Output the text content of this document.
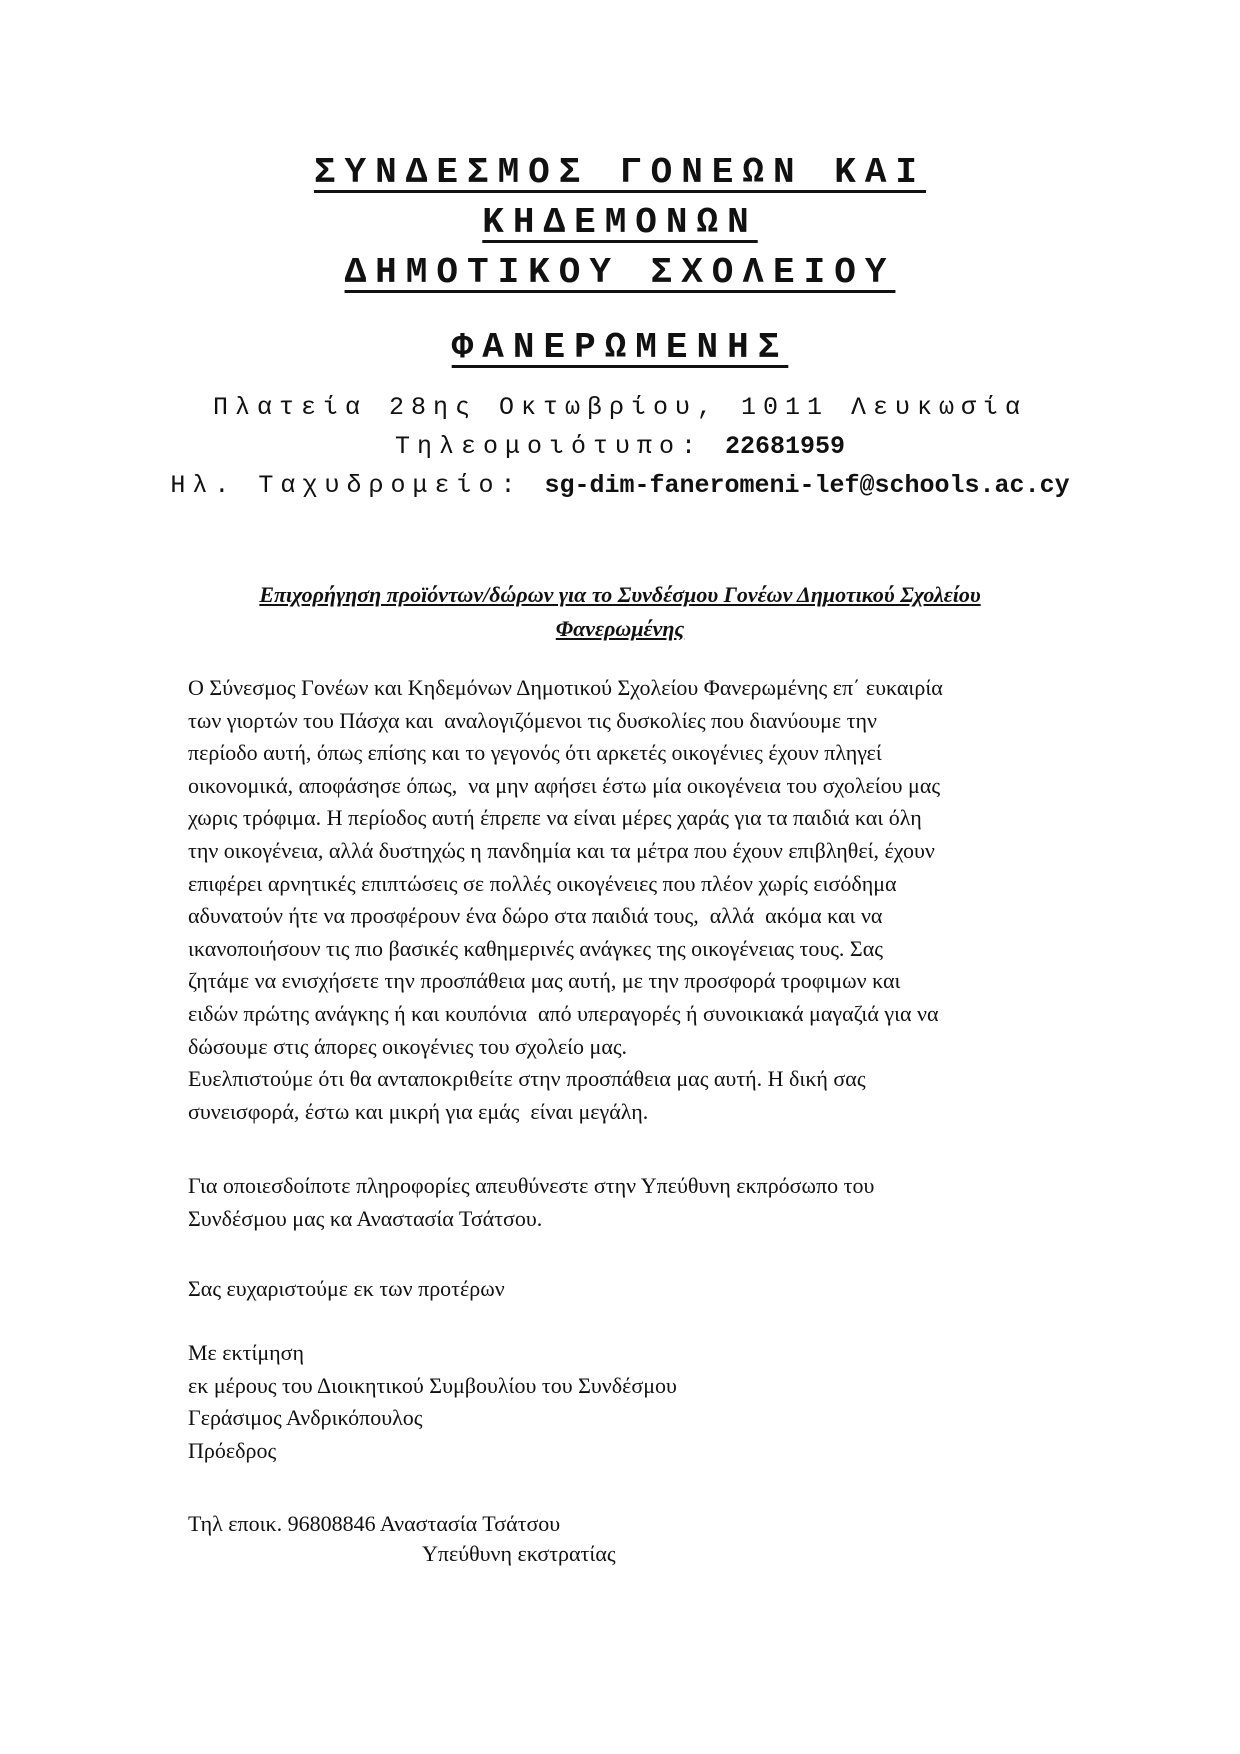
ΣΥΝΔΕΣΜΟΣ ΓΟΝΕΩΝ ΚΑΙ
ΚΗΔΕΜΟΝΩΝ
ΔΗΜΟΤΙΚΟΥ ΣΧΟΛΕΙΟΥ
ΦΑΝΕΡΩΜΕΝΗΣ
Πλατεία 28ης Οκτωβρίου, 1011 Λευκωσία
Τηλεομοιότυπο: 22681959
Ηλ. Ταχυδρομείο: sg-dim-faneromeni-lef@schools.ac.cy
Επιχορήγηση προϊόντων/δώρων για το Συνδέσμου Γονέων Δημοτικού Σχολείου
Φανερωμένης
Ο Σύνεσμος Γονέων και Κηδεμόνων Δημοτικού Σχολείου Φανερωμένης επ΄ ευκαιρία
των γιορτών του Πάσχα και  αναλογιζόμενοι τις δυσκολίες που διανύουμε την
περίοδο αυτή, όπως επίσης και το γεγονός ότι αρκετές οικογένιες έχουν πληγεί
οικονομικά, αποφάσησε όπως,  να μην αφήσει έστω μία οικογένεια του σχολείου μας
χωρις τρόφιμα. Η περίοδος αυτή έπρεπε να είναι μέρες χαράς για τα παιδιά και όλη
την οικογένεια, αλλά δυστηχώς η πανδημία και τα μέτρα που έχουν επιβληθεί, έχουν
επιφέρει αρνητικές επιπτώσεις σε πολλές οικογένειες που πλέον χωρίς εισόδημα
αδυνατούν ήτε να προσφέρουν ένα δώρο στα παιδιά τους,  αλλά  ακόμα και να
ικανοποιήσουν τις πιο βασικές καθημερινές ανάγκες της οικογένειας τους. Σας
ζητάμε να ενισχήσετε την προσπάθεια μας αυτή, με την προσφορά τροφιμων και
ειδών πρώτης ανάγκης ή και κουπόνια  από υπεραγορές ή συνοικιακά μαγαζιά για να
δώσουμε στις άπορες οικογένιες του σχολείο μας.
Ευελπιστούμε ότι θα ανταποκριθείτε στην προσπάθεια μας αυτή. Η δική σας
συνεισφορά, έστω και μικρή για εμάς  είναι μεγάλη.
Για οποιεσδοίποτε πληροφορίες απευθύνεστε στην Υπεύθυνη εκπρόσωπο του
Συνδέσμου μας κα Αναστασία Τσάτσου.
Σας ευχαριστούμε εκ των προτέρων
Με εκτίμηση
εκ μέρους του Διοικητικού Συμβουλίου του Συνδέσμου
Γεράσιμος Ανδρικόπουλος
Πρόεδρος
Τηλ εποικ. 96808846 Αναστασία Τσάτσου
Υπεύθυνη εκστρατίας
